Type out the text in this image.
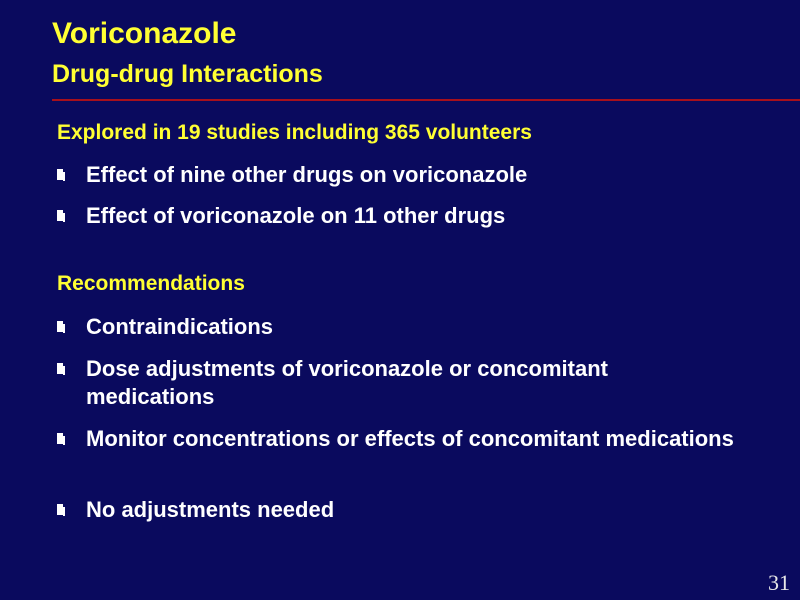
Voriconazole
Drug-drug Interactions

Explored in 19 studies including 365 volunteers

Effect of nine other drugs on voriconazole
Effect of voriconazole on 11 other drugs

Recommendations

Contraindications
Dose adjustments of voriconazole or concomitant medications
Monitor concentrations or effects of concomitant medications
No adjustments needed
31
